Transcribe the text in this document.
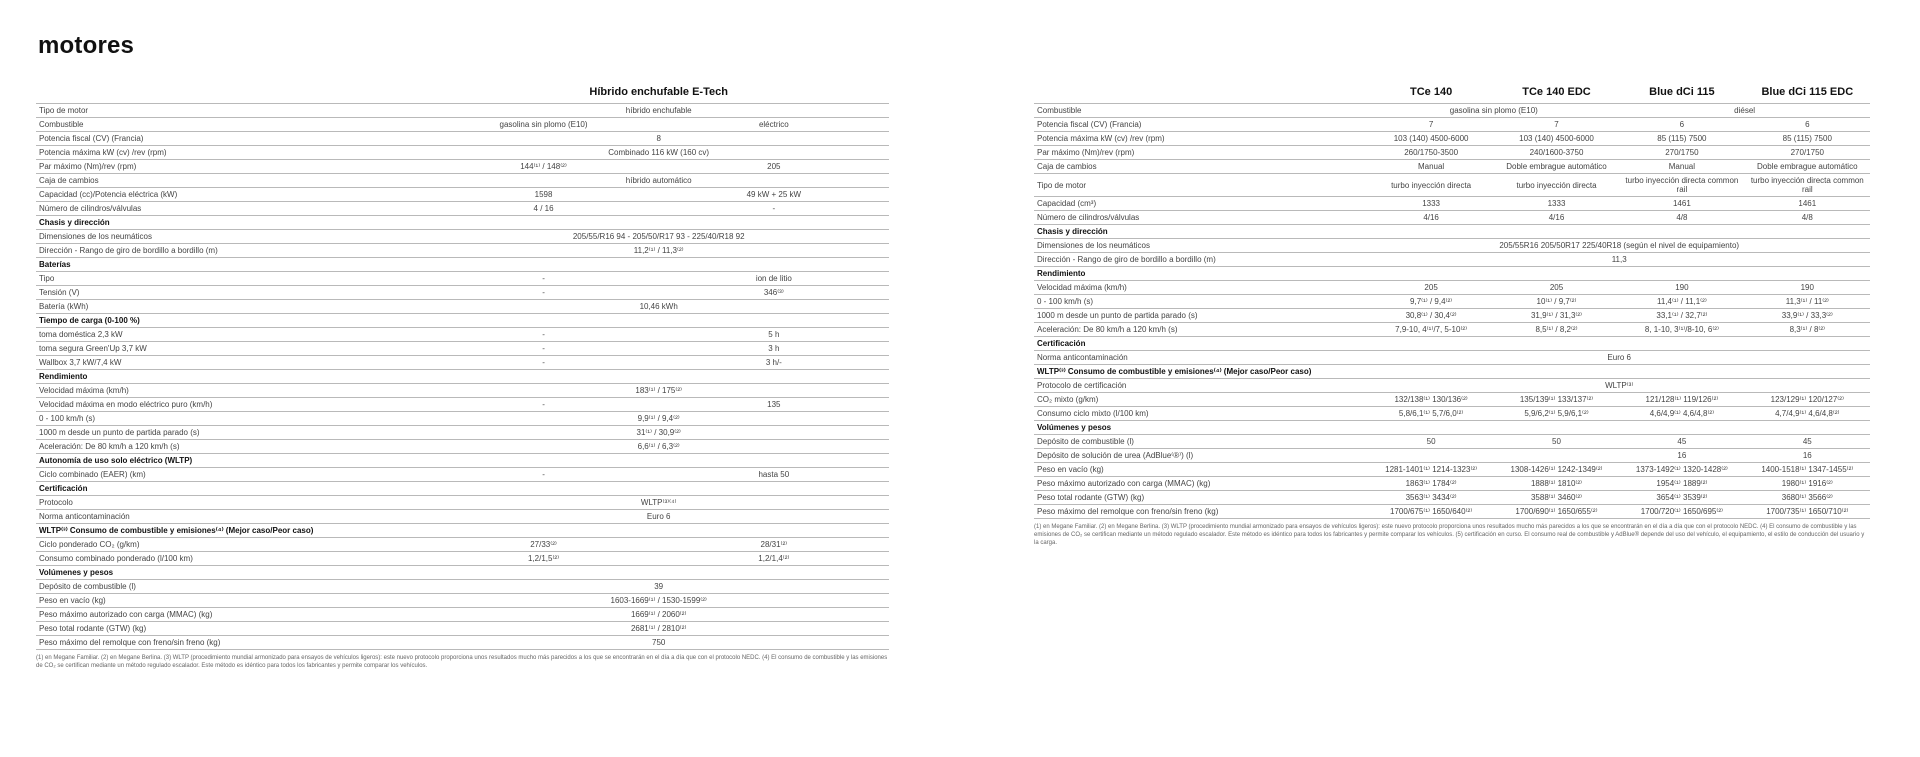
motores
	Híbrido enchufable E-Tech	
Tipo de motor	híbrido enchufable	
Combustible	gasolina sin plomo (E10)	eléctrico
Potencia fiscal (CV) (Francia)	8	
Potencia máxima kW (cv) /rev (rpm)	Combinado 116 kW (160 cv)	
Par máximo (Nm)/rev (rpm)	144⁽¹⁾ / 148⁽²⁾	205
Caja de cambios	híbrido automático	
Capacidad (cc)/Potencia eléctrica (kW)	1598	49 kW + 25 kW
Número de cilindros/válvulas	4 / 16	-
Chasis y dirección		
Dimensiones de los neumáticos	205/55/R16 94 - 205/50/R17 93 - 225/40/R18 92	
Dirección - Rango de giro de bordillo a bordillo (m)	11,2⁽¹⁾ / 11,3⁽²⁾	
Baterías		
Tipo	-	ion de litio
Tensión (V)	-	346⁽³⁾
Batería (kWh)	10,46 kWh	
Tiempo de carga (0-100 %)		
toma doméstica 2,3 kW	-	5 h
toma segura Green'Up 3,7 kW	-	3 h
Wallbox 3,7 kW/7,4 kW	-	3 h/-
Rendimiento		
Velocidad máxima (km/h)	183⁽¹⁾ / 175⁽²⁾	
Velocidad máxima en modo eléctrico puro (km/h)	-	135
0 - 100 km/h (s)	9,9⁽¹⁾ / 9,4⁽²⁾	
1000 m desde un punto de partida parado (s)	31⁽¹⁾ / 30,9⁽²⁾	
Aceleración: De 80 km/h a 120 km/h (s)	6,6⁽¹⁾ / 6,3⁽²⁾	
Autonomía de uso solo eléctrico (WLTP)		
Ciclo combinado (EAER) (km)	-	hasta 50
Certificación		
Protocolo	WLTP⁽³⁾⁽⁴⁾	
Norma anticontaminación	Euro 6	
WLTP⁽³⁾ Consumo de combustible y emisiones⁽⁴⁾ (Mejor caso/Peor caso)		
Ciclo ponderado CO₂ (g/km)	27/33⁽²⁾	28/31⁽²⁾
Consumo combinado ponderado (l/100 km)	1,2/1,5⁽²⁾	1,2/1,4⁽²⁾
Volúmenes y pesos		
Depósito de combustible (l)	39	
Peso en vacío (kg)	1603-1669⁽¹⁾ / 1530-1599⁽²⁾	
Peso máximo autorizado con carga (MMAC) (kg)	1669⁽¹⁾ / 2060⁽²⁾	
Peso total rodante (GTW) (kg)	2681⁽¹⁾ / 2810⁽²⁾	
Peso máximo del remolque con freno/sin freno (kg)	750	
(1) en Megane Familiar. (2) en Megane Berlina. (3) WLTP (procedimiento mundial armonizado para ensayos de vehículos ligeros): este nuevo protocolo proporciona unos resultados mucho más parecidos a los que se encontrarán en el día a día que con el protocolo NEDC. (4) El consumo de combustible y las emisiones de CO₂ se certifican mediante un método regulado escalador. Este método es idéntico para todos los fabricantes y permite comparar los vehículos.
	TCe 140	TCe 140 EDC	Blue dCi 115	Blue dCi 115 EDC
Combustible	gasolina sin plomo (E10)		diésel	
Potencia fiscal (CV) (Francia)	7	7	6	6
Potencia máxima kW (cv) /rev (rpm)	103 (140) 4500-6000	103 (140) 4500-6000	85 (115) 7500	85 (115) 7500
Par máximo (Nm)/rev (rpm)	260/1750-3500	240/1600-3750	270/1750	270/1750
Caja de cambios	Manual	Doble embrague automático	Manual	Doble embrague automático
Tipo de motor	turbo inyección directa	turbo inyección directa	turbo inyección directa common rail	turbo inyección directa common rail
Capacidad (cm³)	1333	1333	1461	1461
Número de cilindros/válvulas	4/16	4/16	4/8	4/8
Chasis y dirección				
Dimensiones de los neumáticos	205/55R16 205/50R17 225/40R18 (según el nivel de equipamiento)			
Dirección - Rango de giro de bordillo a bordillo (m)	11,3			
Rendimiento				
Velocidad máxima (km/h)	205	205	190	190
0 - 100 km/h (s)	9,7⁽¹⁾ / 9,4⁽²⁾	10⁽¹⁾ / 9,7⁽²⁾	11,4⁽¹⁾ / 11,1⁽²⁾	11,3⁽¹⁾ / 11⁽²⁾
1000 m desde un punto de partida parado (s)	30,8⁽¹⁾ / 30,4⁽²⁾	31,9⁽¹⁾ / 31,3⁽²⁾	33,1⁽¹⁾ / 32,7⁽²⁾	33,9⁽¹⁾ / 33,3⁽²⁾
Aceleración: De 80 km/h a 120 km/h (s)	7,9-10, 4⁽¹⁾/7, 5-10⁽²⁾	8,5⁽¹⁾ / 8,2⁽²⁾	8, 1-10, 3⁽¹⁾/8-10, 6⁽²⁾	8,3⁽¹⁾ / 8⁽²⁾
Certificación				
Norma anticontaminación	Euro 6			
WLTP⁽³⁾ Consumo de combustible y emisiones⁽⁴⁾ (Mejor caso/Peor caso)				
Protocolo de certificación	WLTP⁽³⁾			
CO₂ mixto (g/km)	132/138⁽¹⁾ 130/136⁽²⁾	135/139⁽¹⁾ 133/137⁽²⁾	121/128⁽¹⁾ 119/126⁽²⁾	123/129⁽¹⁾ 120/127⁽²⁾
Consumo ciclo mixto (l/100 km)	5,8/6,1⁽¹⁾ 5,7/6,0⁽²⁾	5,9/6,2⁽¹⁾ 5,9/6,1⁽²⁾	4,6/4,9⁽¹⁾ 4,6/4,8⁽²⁾	4,7/4,9⁽¹⁾ 4,6/4,8⁽²⁾
Volúmenes y pesos				
Depósito de combustible (l)	50	50	45	45
Depósito de solución de urea (AdBlue⁽®⁾) (l)			16	16
Peso en vacío (kg)	1281-1401⁽¹⁾ 1214-1323⁽²⁾	1308-1426⁽¹⁾ 1242-1349⁽²⁾	1373-1492⁽¹⁾ 1320-1428⁽²⁾	1400-1518⁽¹⁾ 1347-1455⁽²⁾
Peso máximo autorizado con carga (MMAC) (kg)	1863⁽¹⁾ 1784⁽²⁾	1888⁽¹⁾ 1810⁽²⁾	1954⁽¹⁾ 1889⁽²⁾	1980⁽¹⁾ 1916⁽²⁾
Peso total rodante (GTW) (kg)	3563⁽¹⁾ 3434⁽²⁾	3588⁽¹⁾ 3460⁽²⁾	3654⁽¹⁾ 3539⁽²⁾	3680⁽¹⁾ 3566⁽²⁾
Peso máximo del remolque con freno/sin freno (kg)	1700/675⁽¹⁾ 1650/640⁽²⁾	1700/690⁽¹⁾ 1650/655⁽²⁾	1700/720⁽¹⁾ 1650/695⁽²⁾	1700/735⁽¹⁾ 1650/710⁽²⁾
(1) en Megane Familiar. (2) en Megane Berlina. (3) WLTP (procedimiento mundial armonizado para ensayos de vehículos ligeros): este nuevo protocolo proporciona unos resultados mucho más parecidos a los que se encontrarán en el día a día que con el protocolo NEDC. (4) El consumo de combustible y las emisiones de CO₂ se certifican mediante un método regulado escalador. Este método es idéntico para todos los fabricantes y permite comparar los vehículos. (5) certificación en curso. El consumo real de combustible y AdBlue® depende del uso del vehículo, el equipamiento, el estilo de conducción del usuario y la carga.
